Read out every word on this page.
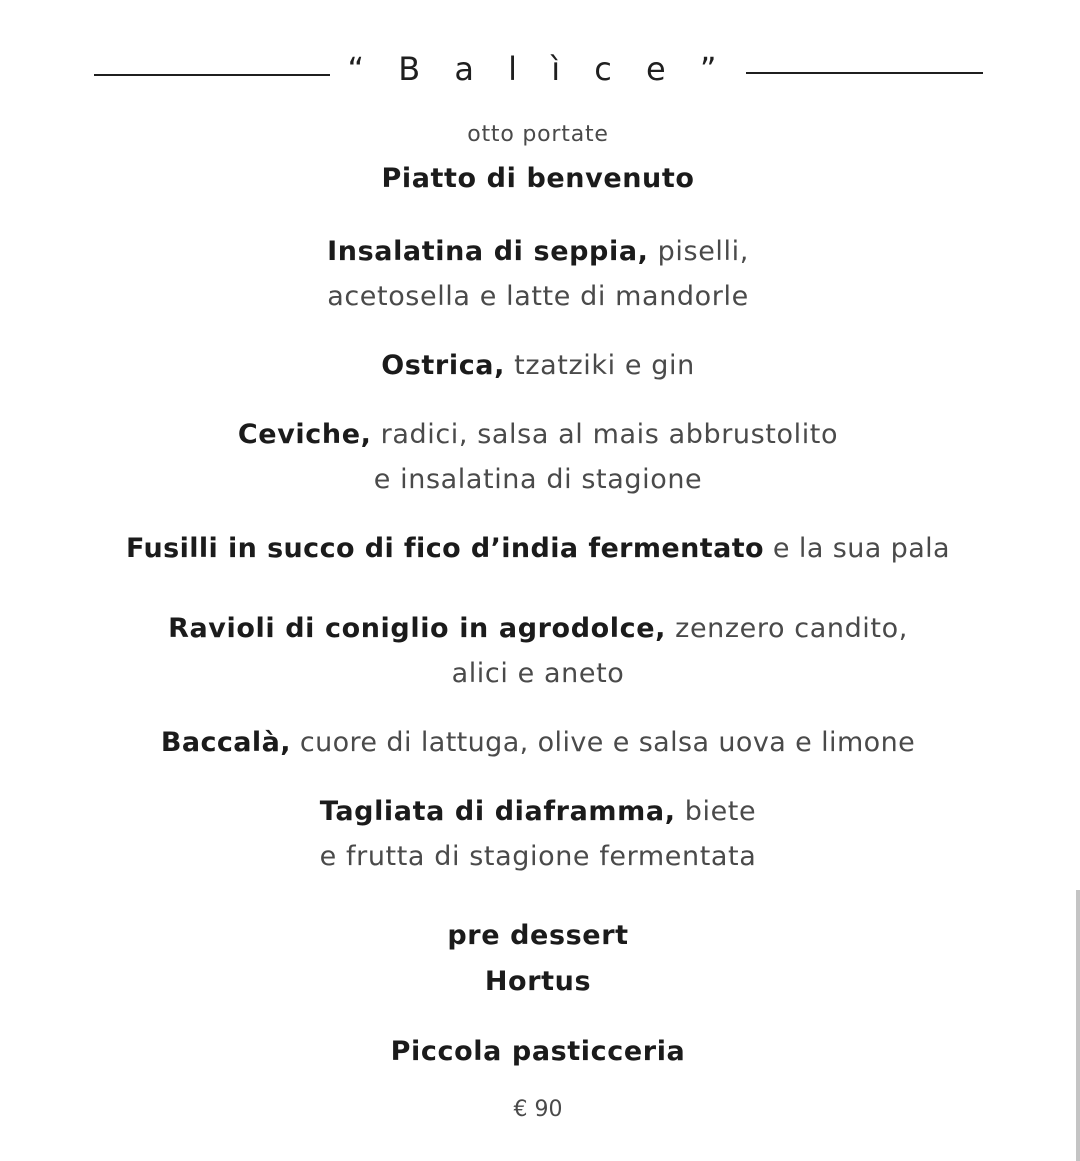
“ B a l ì c e ”
otto portate
Piatto di benvenuto
Insalatina di seppia, piselli,
acetosella e latte di mandorle
Ostrica, tzatziki e gin
Ceviche, radici, salsa al mais abbrustolito
e insalatina di stagione
Fusilli in succo di fico d’india fermentato e la sua pala
Ravioli di coniglio in agrodolce, zenzero candito,
alici e aneto
Baccalà, cuore di lattuga, olive e salsa uova e limone
Tagliata di diaframma, biete
e frutta di stagione fermentata
pre dessert
Hortus
Piccola pasticceria
€ 90
